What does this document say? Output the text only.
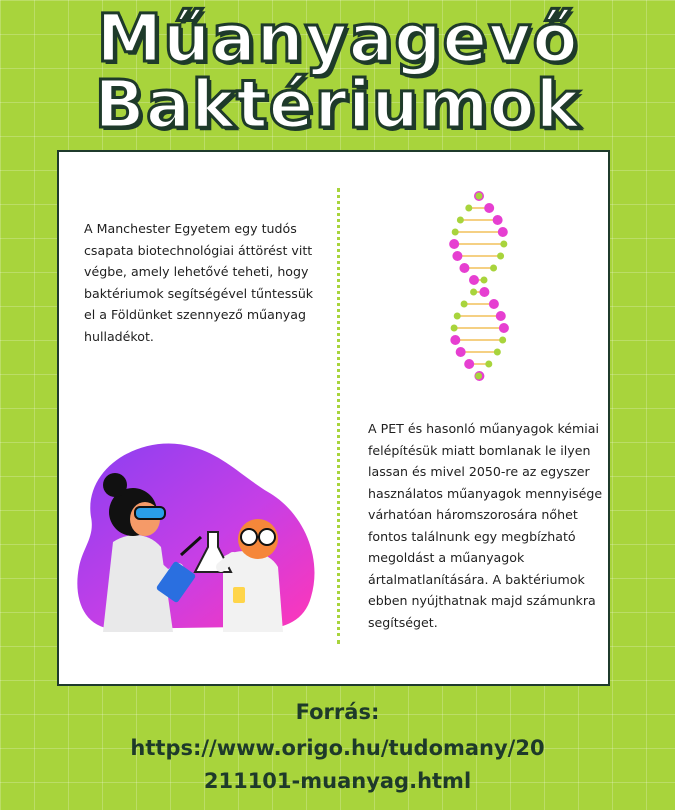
Műanyagevő
Baktériumok

A Manchester Egyetem egy tudós csapata biotechnológiai áttörést vitt végbe, amely lehetővé teheti, hogy baktériumok segítségével tűntessük el a Földünket szennyező műanyag hulladékot.

A PET és hasonló műanyagok kémiai felépítésük miatt bomlanak le ilyen lassan és mivel 2050-re az egyszer használatos műanyagok mennyisége várhatóan háromszorosára nőhet fontos találnunk egy megbízható megoldást a műanyagok ártalmatlanítására. A baktériumok ebben nyújthatnak majd számunkra segítséget.

Forrás:

https://www.origo.hu/tudomany/20

211101-muanyag.html
